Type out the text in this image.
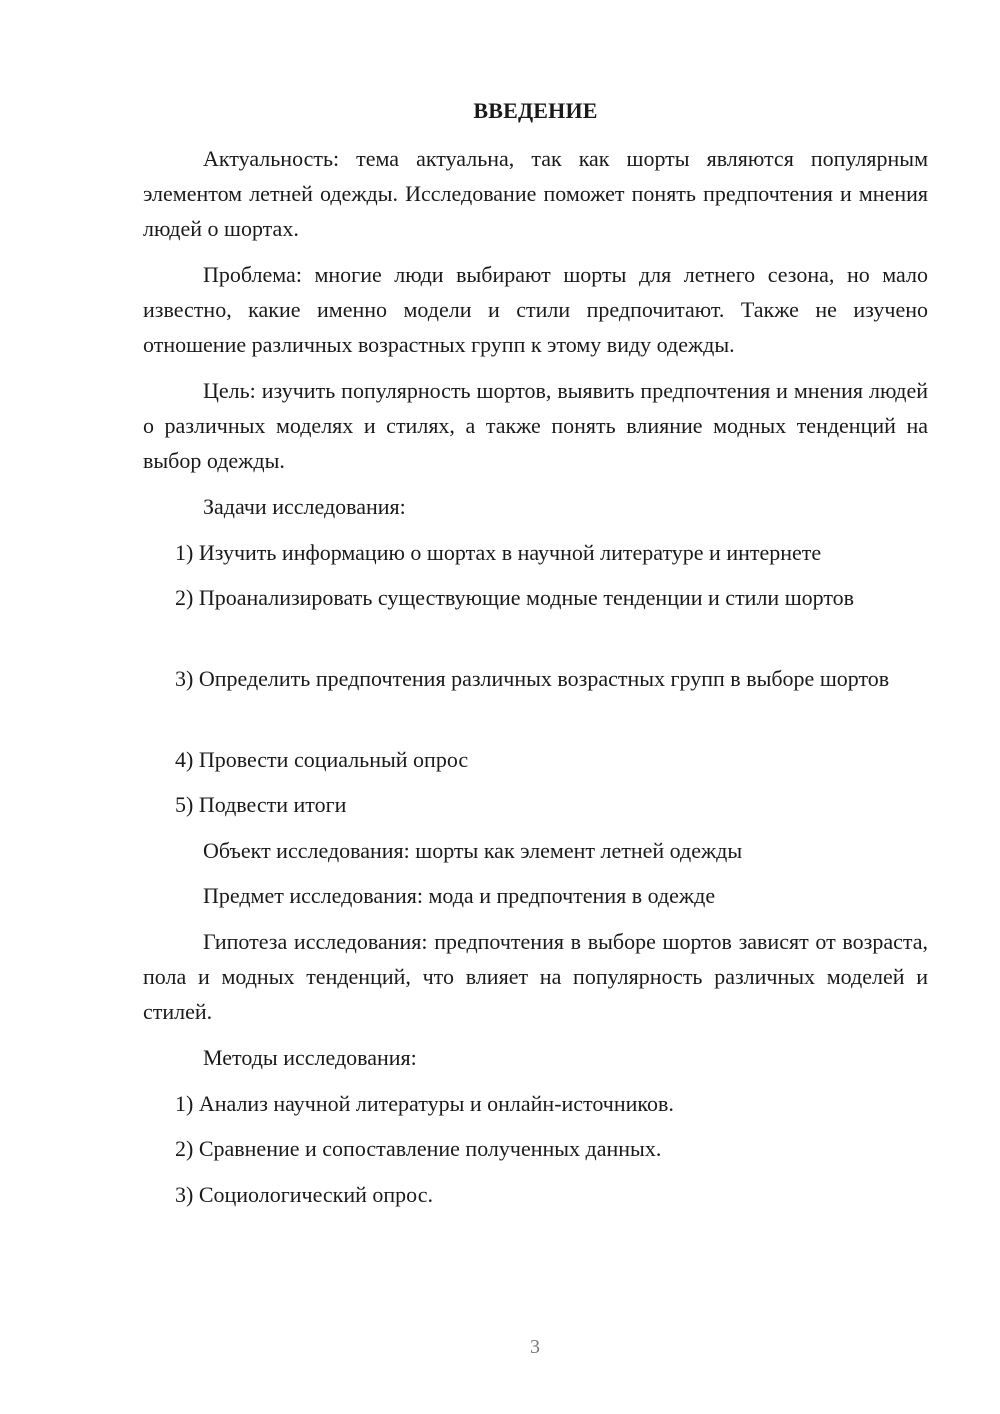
ВВЕДЕНИЕ

Актуальность: тема актуальна, так как шорты являются популярным элементом летней одежды. Исследование поможет понять предпочтения и мнения людей о шортах.

Проблема: многие люди выбирают шорты для летнего сезона, но мало известно, какие именно модели и стили предпочитают. Также не изучено отношение различных возрастных групп к этому виду одежды.

Цель: изучить популярность шортов, выявить предпочтения и мнения людей о различных моделях и стилях, а также понять влияние модных тенденций на выбор одежды.

Задачи исследования:

1) Изучить информацию о шортах в научной литературе и интернете

2) Проанализировать существующие модные тенденции и стили шортов

3) Определить предпочтения различных возрастных групп в выборе шортов

4) Провести социальный опрос

5) Подвести итоги

Объект исследования: шорты как элемент летней одежды

Предмет исследования: мода и предпочтения в одежде

Гипотеза исследования: предпочтения в выборе шортов зависят от возраста, пола и модных тенденций, что влияет на популярность различных моделей и стилей.

Методы исследования:

1) Анализ научной литературы и онлайн-источников.

2) Сравнение и сопоставление полученных данных.

3) Социологический опрос.

3
